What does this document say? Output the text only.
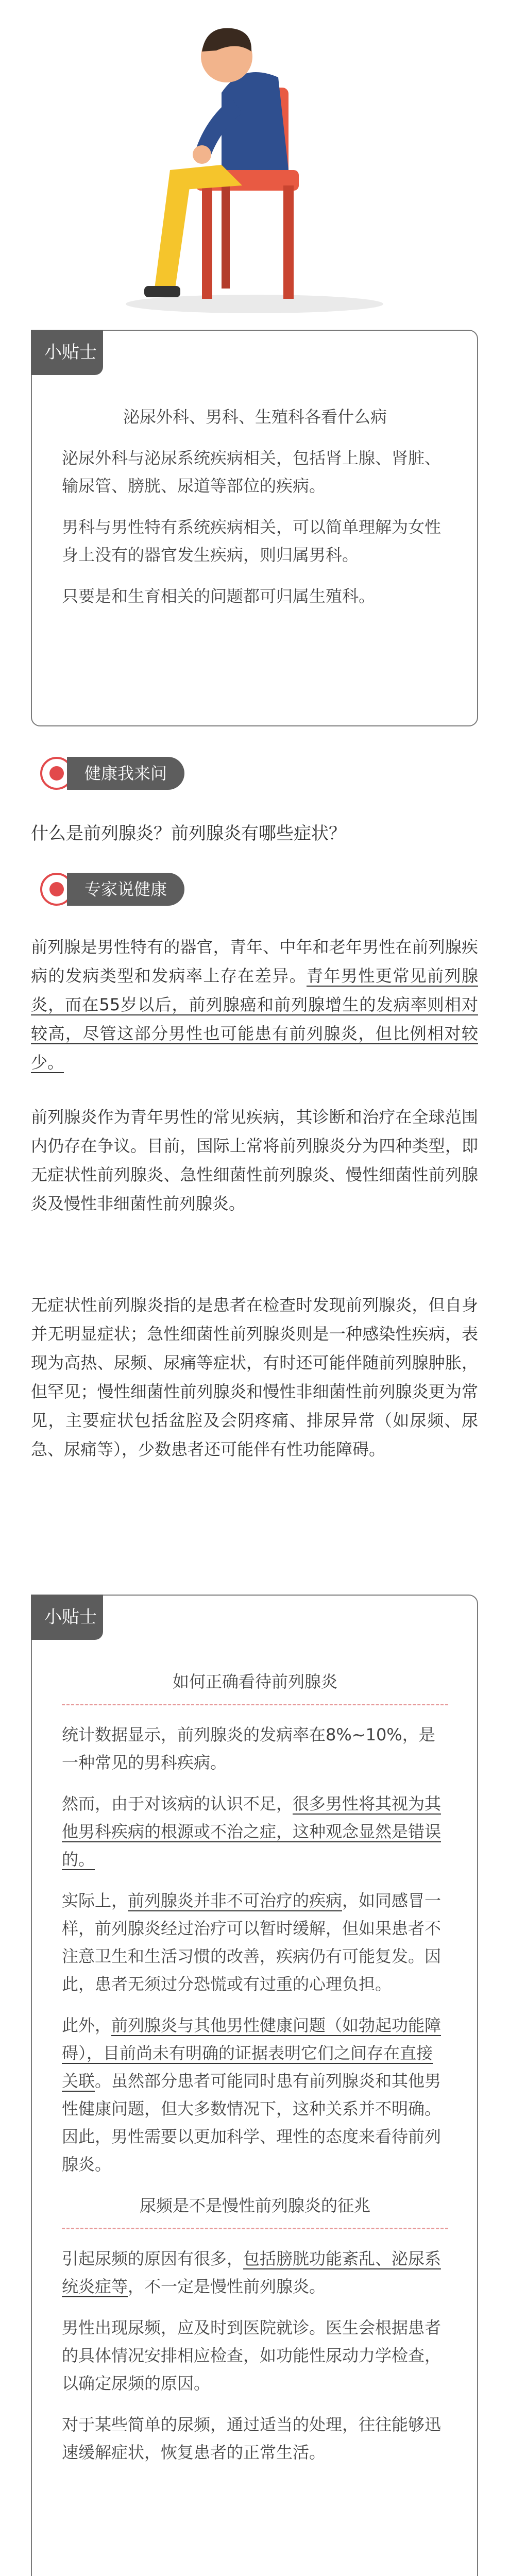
泌尿外科、男科、生殖科各看什么病

泌尿外科与泌尿系统疾病相关，包括肾上腺、肾脏、输尿管、膀胱、尿道等部位的疾病。

男科与男性特有系统疾病相关，可以简单理解为女性身上没有的器官发生疾病，则归属男科。

只要是和生育相关的问题都可归属生殖科。

小贴士
健康我来问
什么是前列腺炎？前列腺炎有哪些症状？
专家说健康

前列腺是男性特有的器官，青年、中年和老年男性在前列腺疾病的发病类型和发病率上存在差异。青年男性更常见前列腺炎，而在55岁以后，前列腺癌和前列腺增生的发病率则相对较高，尽管这部分男性也可能患有前列腺炎，但比例相对较少。

前列腺炎作为青年男性的常见疾病，其诊断和治疗在全球范围内仍存在争议。目前，国际上常将前列腺炎分为四种类型，即无症状性前列腺炎、急性细菌性前列腺炎、慢性细菌性前列腺炎及慢性非细菌性前列腺炎。

无症状性前列腺炎指的是患者在检查时发现前列腺炎，但自身并无明显症状；急性细菌性前列腺炎则是一种感染性疾病，表现为高热、尿频、尿痛等症状，有时还可能伴随前列腺肿胀，但罕见；慢性细菌性前列腺炎和慢性非细菌性前列腺炎更为常见，主要症状包括盆腔及会阴疼痛、排尿异常（如尿频、尿急、尿痛等），少数患者还可能伴有性功能障碍。

如何正确看待前列腺炎

统计数据显示，前列腺炎的发病率在8%~10%，是一种常见的男科疾病。

然而，由于对该病的认识不足，很多男性将其视为其他男科疾病的根源或不治之症，这种观念显然是错误的。

实际上，前列腺炎并非不可治疗的疾病，如同感冒一样，前列腺炎经过治疗可以暂时缓解，但如果患者不注意卫生和生活习惯的改善，疾病仍有可能复发。因此，患者无须过分恐慌或有过重的心理负担。

此外，前列腺炎与其他男性健康问题（如勃起功能障碍），目前尚未有明确的证据表明它们之间存在直接关联。虽然部分患者可能同时患有前列腺炎和其他男性健康问题，但大多数情况下，这种关系并不明确。因此，男性需要以更加科学、理性的态度来看待前列腺炎。

尿频是不是慢性前列腺炎的征兆

引起尿频的原因有很多，包括膀胱功能紊乱、泌尿系统炎症等，不一定是慢性前列腺炎。

男性出现尿频，应及时到医院就诊。医生会根据患者的具体情况安排相应检查，如功能性尿动力学检查，以确定尿频的原因。

对于某些简单的尿频，通过适当的处理，往往能够迅速缓解症状，恢复患者的正常生活。

小贴士
